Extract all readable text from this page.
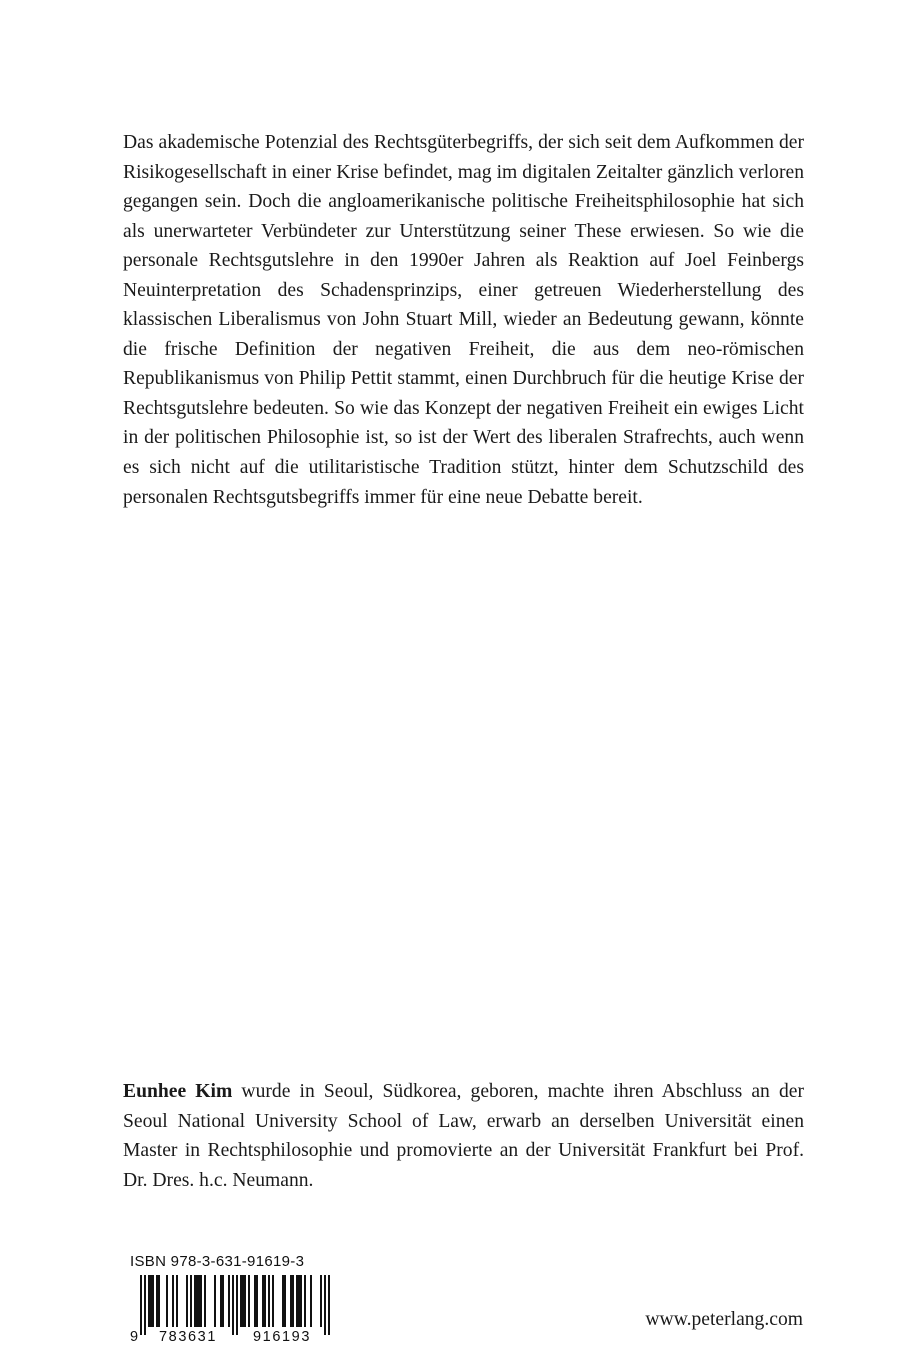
Das akademische Potenzial des Rechtsgüterbegriffs, der sich seit dem Aufkommen der Risikogesellschaft in einer Krise befindet, mag im digitalen Zeitalter gänzlich verloren gegangen sein. Doch die angloamerikanische politische Freiheitsphilosophie hat sich als unerwarteter Verbündeter zur Unterstützung seiner These erwiesen. So wie die personale Rechtsgutslehre in den 1990er Jahren als Reaktion auf Joel Feinbergs Neuinterpretation des Schadensprinzips, einer getreuen Wiederherstellung des klassischen Liberalismus von John Stuart Mill, wieder an Bedeutung gewann, könnte die frische Definition der negativen Freiheit, die aus dem neo-römischen Republikanismus von Philip Pettit stammt, einen Durchbruch für die heutige Krise der Rechtsgutslehre bedeuten. So wie das Konzept der negativen Freiheit ein ewiges Licht in der politischen Philosophie ist, so ist der Wert des liberalen Strafrechts, auch wenn es sich nicht auf die utilitaristische Tradition stützt, hinter dem Schutzschild des personalen Rechtsgutsbegriffs immer für eine neue Debatte bereit.

Eunhee Kim wurde in Seoul, Südkorea, geboren, machte ihren Abschluss an der Seoul National University School of Law, erwarb an derselben Universität einen Master in Rechtsphilosophie und promovierte an der Universität Frankfurt bei Prof. Dr. Dres. h.c. Neumann.

ISBN 978-3-631-91619-3
9 783631 916193
www.peterlang.com
